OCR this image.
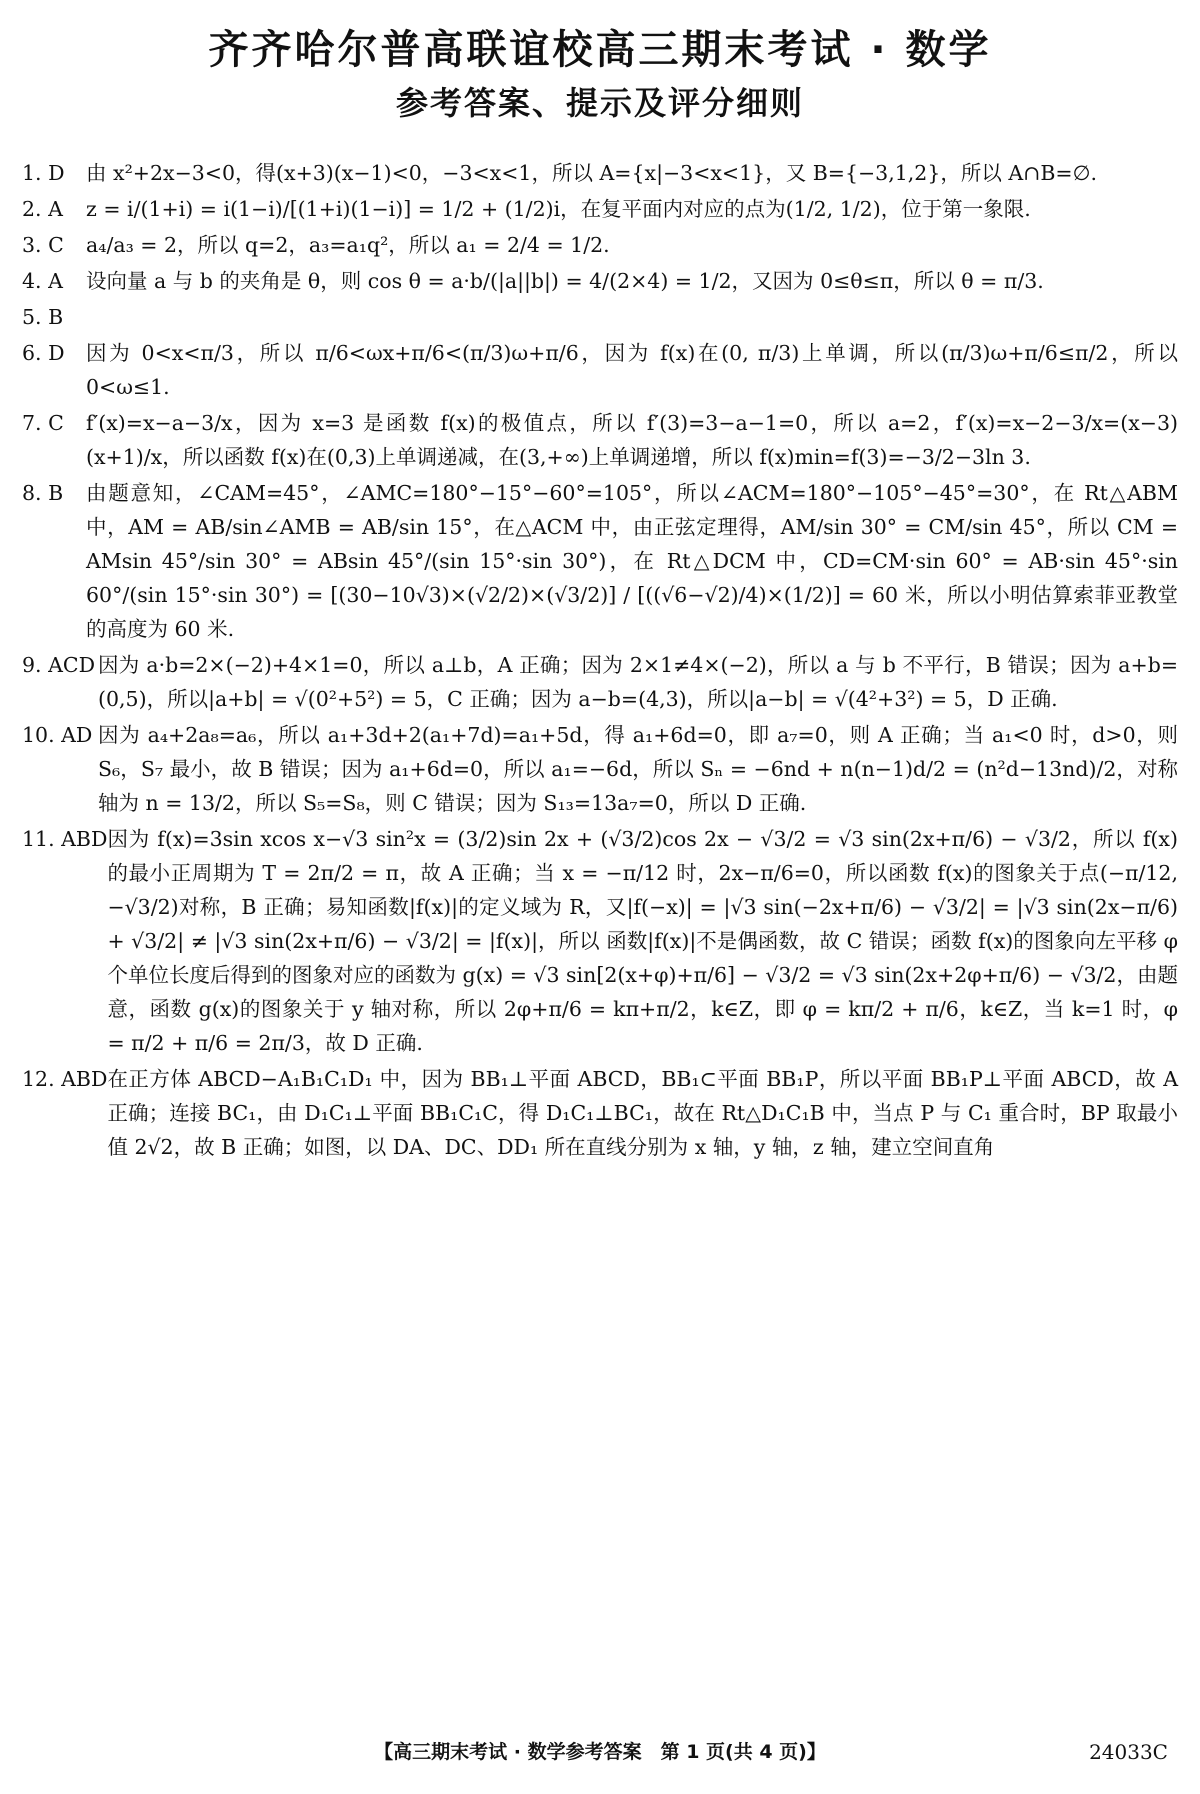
齐齐哈尔普高联谊校高三期末考试 · 数学
参考答案、提示及评分细则
1. D	由 x²+2x−3<0，得(x+3)(x−1)<0，−3<x<1，所以 A={x|−3<x<1}，又 B={−3,1,2}，所以 A∩B=∅.
2. A	z = i/(1+i) = i(1−i)/[(1+i)(1−i)] = 1/2 + (1/2)i，在复平面内对应的点为(1/2, 1/2)，位于第一象限.
3. C	a₄/a₃ = 2，所以 q=2，a₃=a₁q²，所以 a₁ = 2/4 = 1/2.
4. A	设向量 a 与 b 的夹角是 θ，则 cos θ = a·b/(|a||b|) = 4/(2×4) = 1/2，又因为 0≤θ≤π，所以 θ = π/3.
5. B
6. D	因为 0<x<π/3，所以 π/6<ωx+π/6<(π/3)ω+π/6，因为 f(x)在(0, π/3)上单调，所以(π/3)ω+π/6≤π/2，所以 0<ω≤1.
7. C	f′(x)=x−a−3/x，因为 x=3 是函数 f(x)的极值点，所以 f′(3)=3−a−1=0，所以 a=2，f′(x)=x−2−3/x=(x−3)(x+1)/x，所以函数 f(x)在(0,3)上单调递减，在(3,+∞)上单调递增，所以 f(x)min=f(3)=−3/2−3ln 3.
8. B	由题意知，∠CAM=45°，∠AMC=180°−15°−60°=105°，所以∠ACM=180°−105°−45°=30°，在 Rt△ABM 中，AM = AB/sin∠AMB = AB/sin 15°，在△ACM 中，由正弦定理得，AM/sin 30° = CM/sin 45°，所以 CM = AMsin 45°/sin 30° = ABsin 45°/(sin 15°·sin 30°)，在 Rt△DCM 中，CD=CM·sin 60° = AB·sin 45°·sin 60°/(sin 15°·sin 30°) = [(30−10√3)×(√2/2)×(√3/2)] / [((√6−√2)/4)×(1/2)] = 60 米，所以小明估算索菲亚教堂的高度为 60 米.
9. ACD 因为 a·b=2×(−2)+4×1=0，所以 a⊥b，A 正确；因为 2×1≠4×(−2)，所以 a 与 b 不平行，B 错误；因为 a+b=(0,5)，所以|a+b| = √(0²+5²) = 5，C 正确；因为 a−b=(4,3)，所以|a−b| = √(4²+3²) = 5，D 正确.
10. AD 因为 a₄+2a₈=a₆，所以 a₁+3d+2(a₁+7d)=a₁+5d，得 a₁+6d=0，即 a₇=0，则 A 正确；当 a₁<0 时，d>0，则 S₆，S₇ 最小，故 B 错误；因为 a₁+6d=0，所以 a₁=−6d，所以 Sₙ = −6nd + n(n−1)d/2 = (n²d−13nd)/2，对称轴为 n = 13/2，所以 S₅=S₈，则 C 错误；因为 S₁₃=13a₇=0，所以 D 正确.
11. ABD 因为 f(x)=3sin xcos x−√3 sin²x = (3/2)sin 2x + (√3/2)cos 2x − √3/2 = √3 sin(2x+π/6) − √3/2，所以 f(x)的最小正周期为 T = 2π/2 = π，故 A 正确；当 x = −π/12 时，2x−π/6=0，所以函数 f(x)的图象关于点(−π/12, −√3/2)对称，B 正确；易知函数|f(x)|的定义域为 R，又|f(−x)| = |√3 sin(−2x+π/6) − √3/2| = |√3 sin(2x−π/6) + √3/2| ≠ |√3 sin(2x+π/6) − √3/2| = |f(x)|，所以 函数|f(x)|不是偶函数，故 C 错误；函数 f(x)的图象向左平移 φ 个单位长度后得到的图象对应的函数为 g(x) = √3 sin[2(x+φ)+π/6] − √3/2 = √3 sin(2x+2φ+π/6) − √3/2，由题意，函数 g(x)的图象关于 y 轴对称，所以 2φ+π/6 = kπ+π/2，k∈Z，即 φ = kπ/2 + π/6，k∈Z，当 k=1 时，φ = π/2 + π/6 = 2π/3，故 D 正确.
12. ABD 在正方体 ABCD−A₁B₁C₁D₁ 中，因为 BB₁⊥平面 ABCD，BB₁⊂平面 BB₁P，所以平面 BB₁P⊥平面 ABCD，故 A 正确；连接 BC₁，由 D₁C₁⊥平面 BB₁C₁C，得 D₁C₁⊥BC₁，故在 Rt△D₁C₁B 中，当点 P 与 C₁ 重合时，BP 取最小值 2√2，故 B 正确；如图，以 DA、DC、DD₁ 所在直线分别为 x 轴，y 轴，z 轴，建立空间直角
【高三期末考试 · 数学参考答案　第 1 页(共 4 页)】	24033C
